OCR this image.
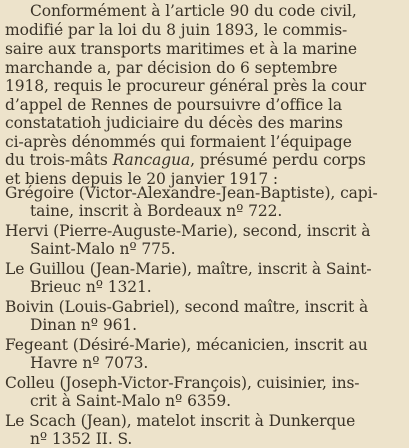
Conformément à l’article 90 du code civil,
modifié par la loi du 8 juin 1893, le commis-
saire aux transports maritimes et à la marine
marchande a, par décision do 6 septembre
1918, requis le procureur général près la cour
d’appel de Rennes de poursuivre d’office la
constatatioh judiciaire du décès des marins
ci-après dénommés qui formaient l’équipage
du trois-mâts Rancagua, présumé perdu corps
et biens depuis le 20 janvier 1917 :
Grégoire (Victor-Alexandre-Jean-Baptiste), capi-
taine, inscrit à Bordeaux nº 722.
Hervi (Pierre-Auguste-Marie), second, inscrit à
Saint-Malo nº 775.
Le Guillou (Jean-Marie), maître, inscrit à Saint-
Brieuc nº 1321.
Boivin (Louis-Gabriel), second maître, inscrit à
Dinan nº 961.
Fegeant (Désiré-Marie), mécanicien, inscrit au
Havre nº 7073.
Colleu (Joseph-Victor-François), cuisinier, ins-
crit à Saint-Malo nº 6359.
Le Scach (Jean), matelot inscrit à Dunkerque
nº 1352 II. S.
